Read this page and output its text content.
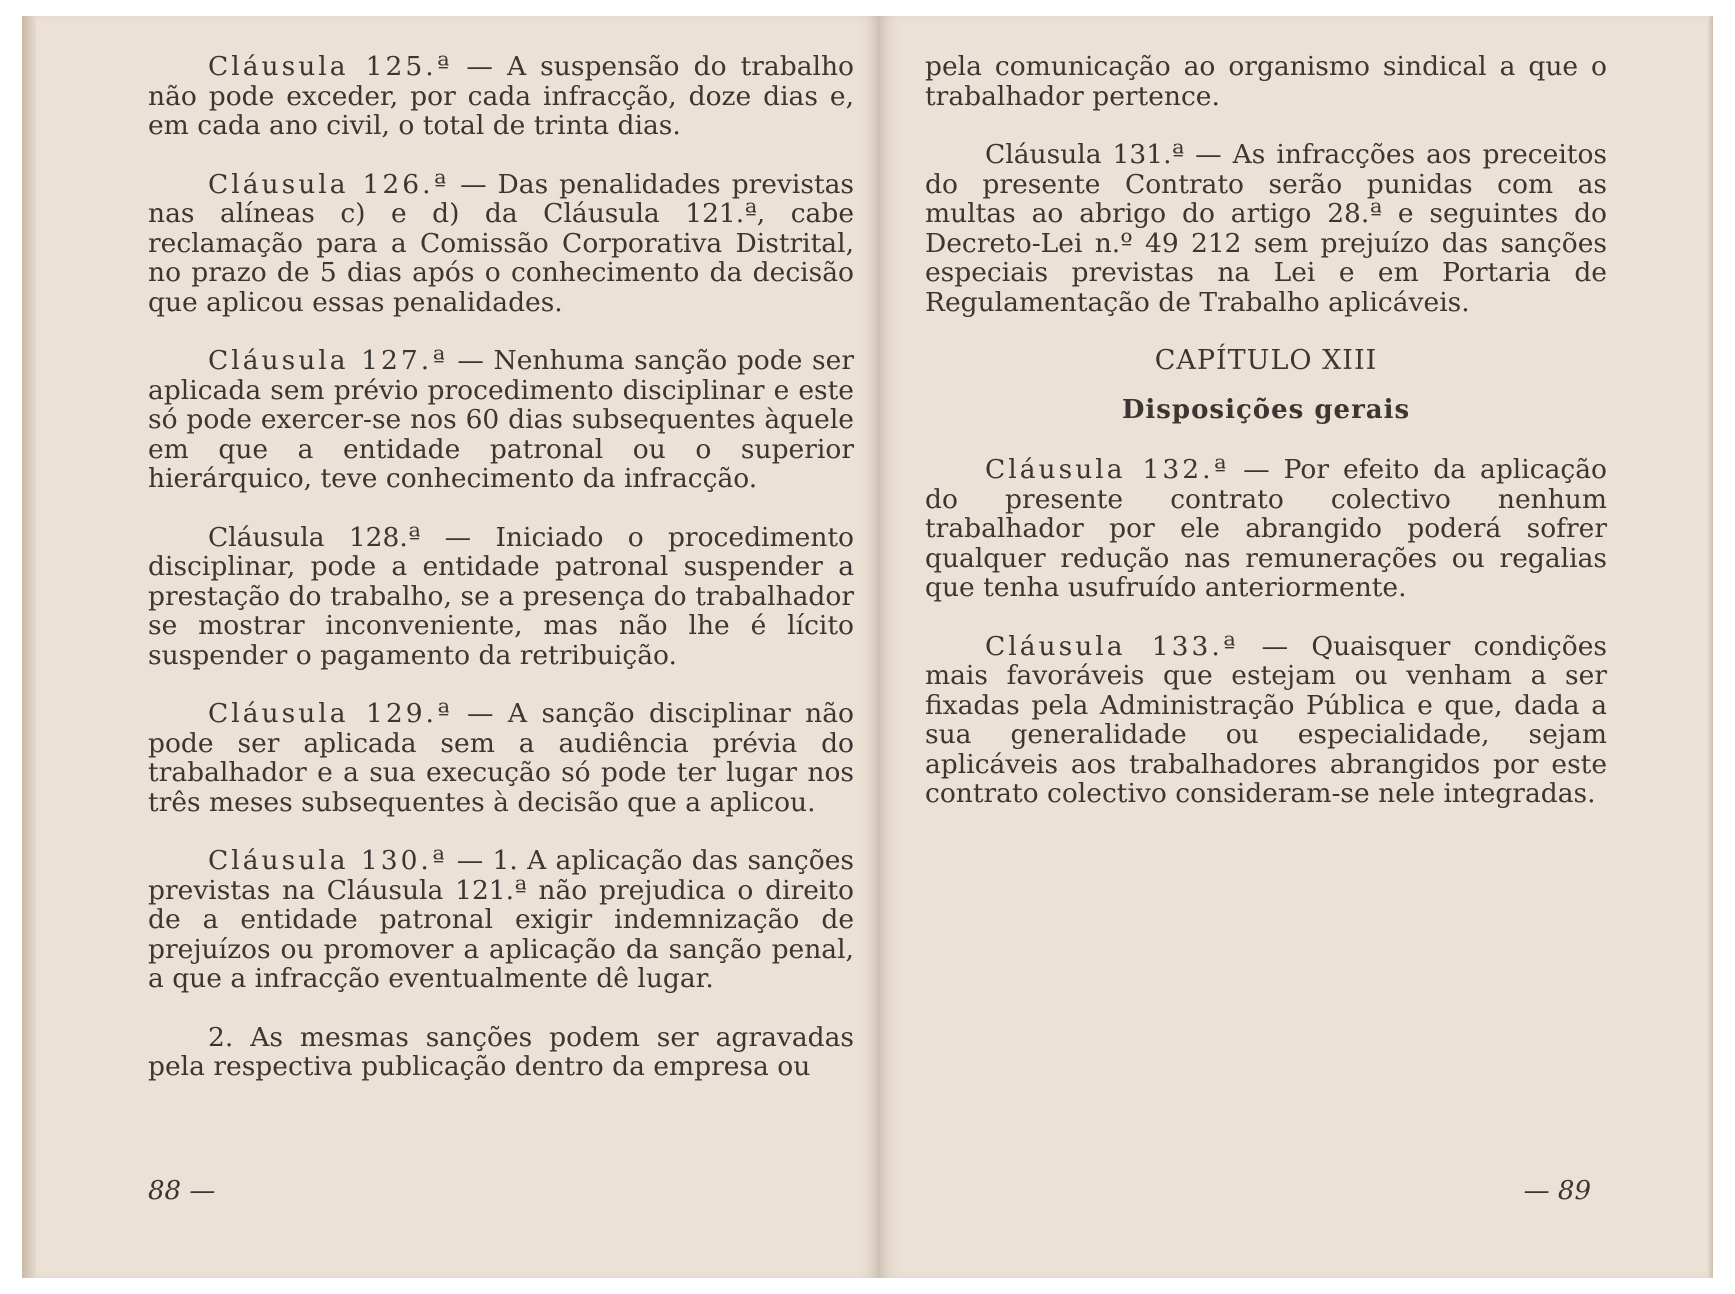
Cláusula 125.ª — A suspensão do trabalho não pode exceder, por cada infracção, doze dias e, em cada ano civil, o total de trinta dias.

Cláusula 126.ª — Das penalidades previstas nas alíneas c) e d) da Cláusula 121.ª, cabe reclamação para a Comissão Corporativa Distrital, no prazo de 5 dias após o conhecimento da decisão que aplicou essas penalidades.

Cláusula 127.ª — Nenhuma sanção pode ser aplicada sem prévio procedimento disciplinar e este só pode exercer-se nos 60 dias subsequentes àquele em que a entidade patronal ou o superior hierárquico, teve conhecimento da infracção.

Cláusula 128.ª — Iniciado o procedimento disciplinar, pode a entidade patronal suspender a prestação do trabalho, se a presença do trabalhador se mostrar inconveniente, mas não lhe é lícito suspender o pagamento da retribuição.

Cláusula 129.ª — A sanção disciplinar não pode ser aplicada sem a audiência prévia do trabalhador e a sua execução só pode ter lugar nos três meses subsequentes à decisão que a aplicou.

Cláusula 130.ª — 1. A aplicação das sanções previstas na Cláusula 121.ª não prejudica o direito de a entidade patronal exigir indemnização de prejuízos ou promover a aplicação da sanção penal, a que a infracção eventualmente dê lugar.

2. As mesmas sanções podem ser agravadas pela respectiva publicação dentro da empresa ou

88 —

pela comunicação ao organismo sindical a que o trabalhador pertence.

Cláusula 131.ª — As infracções aos preceitos do presente Contrato serão punidas com as multas ao abrigo do artigo 28.ª e seguintes do Decreto-Lei n.º 49 212 sem prejuízo das sanções especiais previstas na Lei e em Portaria de Regulamentação de Trabalho aplicáveis.

CAPÍTULO XIII
Disposições gerais

Cláusula 132.ª — Por efeito da aplicação do presente contrato colectivo nenhum trabalhador por ele abrangido poderá sofrer qualquer redução nas remunerações ou regalias que tenha usufruído anteriormente.

Cláusula 133.ª — Quaisquer condições mais favoráveis que estejam ou venham a ser fixadas pela Administração Pública e que, dada a sua generalidade ou especialidade, sejam aplicáveis aos trabalhadores abrangidos por este contrato colectivo consideram-se nele integradas.

— 89
